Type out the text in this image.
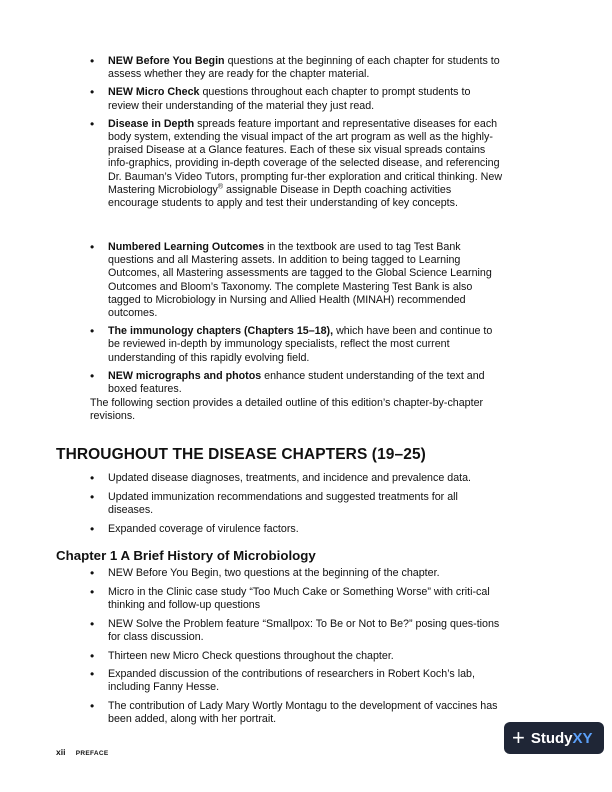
• NEW Before You Begin questions at the beginning of each chapter for students to assess whether they are ready for the chapter material.
• NEW Micro Check questions throughout each chapter to prompt students to review their understanding of the material they just read.
• Disease in Depth spreads feature important and representative diseases for each body system, extending the visual impact of the art program as well as the highly-praised Disease at a Glance features. Each of these six visual spreads contains info-graphics, providing in-depth coverage of the selected disease, and referencing Dr. Bauman’s Video Tutors, prompting fur-ther exploration and critical thinking. New Mastering Microbiology® assignable Disease in Depth coaching activities encourage students to apply and test their understanding of key concepts.
• Numbered Learning Outcomes in the textbook are used to tag Test Bank questions and all Mastering assets. In addition to being tagged to Learning Outcomes, all Mastering assessments are tagged to the Global Science Learning Outcomes and Bloom’s Taxonomy. The complete Mastering Test Bank is also tagged to Microbiology in Nursing and Allied Health (MINAH) recommended outcomes.
• The immunology chapters (Chapters 15–18), which have been and continue to be reviewed in-depth by immunology specialists, reflect the most current understanding of this rapidly evolving field.
• NEW micrographs and photos enhance student understanding of the text and boxed features.

The following section provides a detailed outline of this edition’s chapter-by-chapter revisions.

THROUGHOUT THE DISEASE CHAPTERS (19–25)
• Updated disease diagnoses, treatments, and incidence and prevalence data.
• Updated immunization recommendations and suggested treatments for all diseases.
• Expanded coverage of virulence factors.
Chapter 1 A Brief History of Microbiology
• NEW Before You Begin, two questions at the beginning of the chapter.
• Micro in the Clinic case study “Too Much Cake or Something Worse” with criti-cal thinking and follow-up questions
• NEW Solve the Problem feature “Smallpox: To Be or Not to Be?” posing ques-tions for class discussion.
• Thirteen new Micro Check questions throughout the chapter.
• Expanded discussion of the contributions of researchers in Robert Koch’s lab, including Fanny Hesse.
• The contribution of Lady Mary Wortly Montagu to the development of vaccines has been added, along with her portrait.
xii PREFACE
+ StudyXY
